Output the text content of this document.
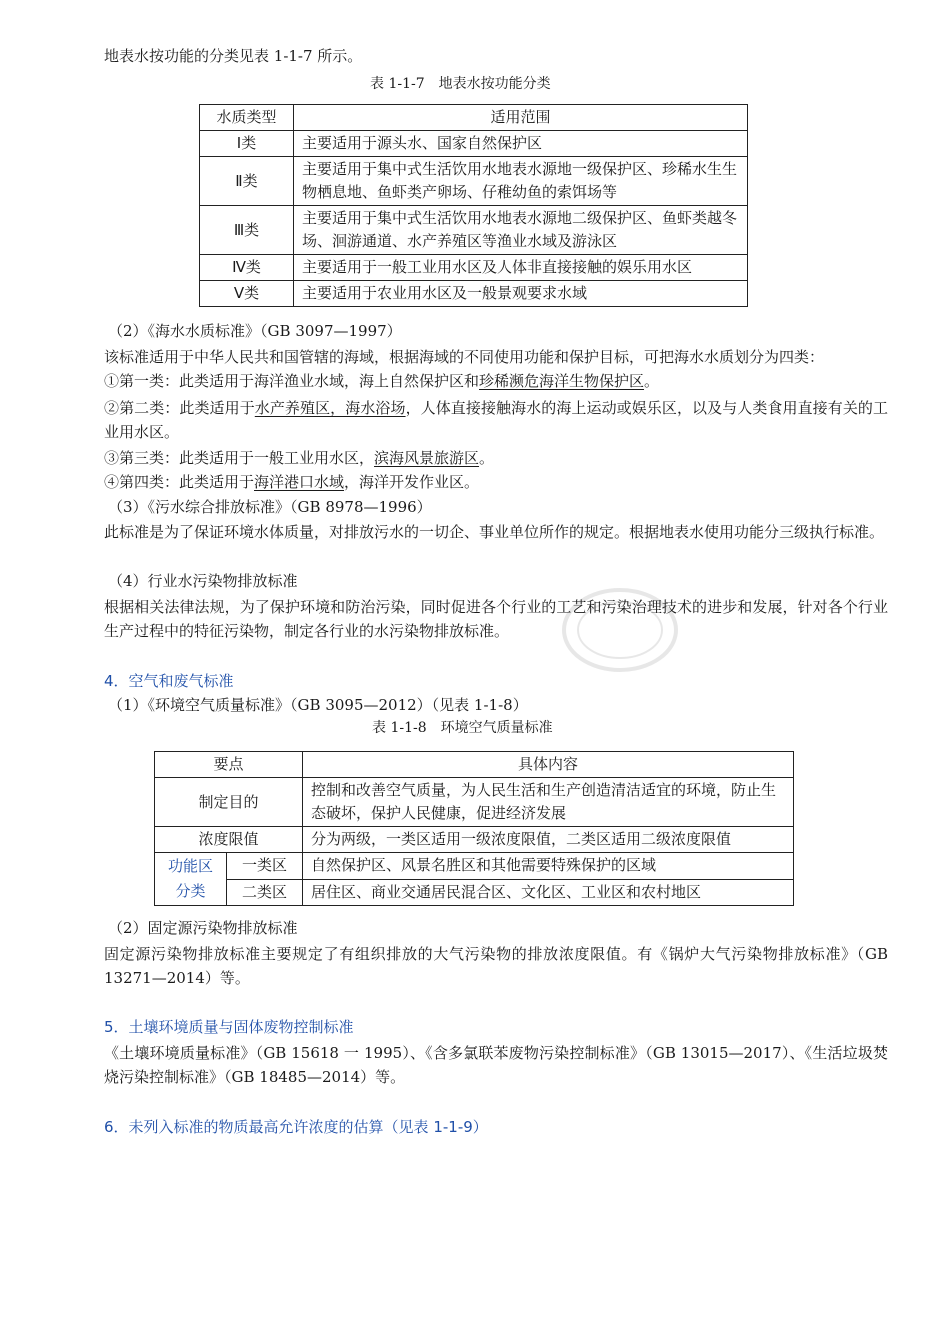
地表水按功能的分类见表 1-1-7 所示。
表 1-1-7　地表水按功能分类
水质类型	适用范围
Ⅰ类	主要适用于源头水、国家自然保护区
Ⅱ类	主要适用于集中式生活饮用水地表水源地一级保护区、珍稀水生生物栖息地、鱼虾类产卵场、仔稚幼鱼的索饵场等
Ⅲ类	主要适用于集中式生活饮用水地表水源地二级保护区、鱼虾类越冬场、洄游通道、水产养殖区等渔业水域及游泳区
Ⅳ类	主要适用于一般工业用水区及人体非直接接触的娱乐用水区
Ⅴ类	主要适用于农业用水区及一般景观要求水域
（2）《海水水质标准》（GB 3097—1997）
该标准适用于中华人民共和国管辖的海域，根据海域的不同使用功能和保护目标，可把海水水质划分为四类：
①第一类：此类适用于海洋渔业水域，海上自然保护区和珍稀濒危海洋生物保护区。
②第二类：此类适用于水产养殖区，海水浴场，人体直接接触海水的海上运动或娱乐区，以及与人类食用直接有关的工业用水区。
③第三类：此类适用于一般工业用水区，滨海风景旅游区。
④第四类：此类适用于海洋港口水域，海洋开发作业区。
（3）《污水综合排放标准》（GB 8978—1996）
此标准是为了保证环境水体质量，对排放污水的一切企、事业单位所作的规定。根据地表水使用功能分三级执行标准。
（4）行业水污染物排放标准
根据相关法律法规，为了保护环境和防治污染，同时促进各个行业的工艺和污染治理技术的进步和发展，针对各个行业生产过程中的特征污染物，制定各行业的水污染物排放标准。
4．空气和废气标准
（1）《环境空气质量标准》（GB 3095—2012）（见表 1-1-8）
表 1-1-8　环境空气质量标准
要点		具体内容
制定目的		控制和改善空气质量，为人民生活和生产创造清洁适宜的环境，防止生态破坏，保护人民健康，促进经济发展
浓度限值		分为两级，一类区适用一级浓度限值，二类区适用二级浓度限值
功能区分类	一类区	自然保护区、风景名胜区和其他需要特殊保护的区域
	二类区	居住区、商业交通居民混合区、文化区、工业区和农村地区
（2）固定源污染物排放标准
固定源污染物排放标准主要规定了有组织排放的大气污染物的排放浓度限值。有《锅炉大气污染物排放标准》（GB 13271—2014）等。
5．土壤环境质量与固体废物控制标准
《土壤环境质量标准》（GB 15618 一 1995）、《含多氯联苯废物污染控制标准》（GB 13015—2017）、《生活垃圾焚烧污染控制标准》（GB 18485—2014）等。
6．未列入标准的物质最高允许浓度的估算（见表 1-1-9）
